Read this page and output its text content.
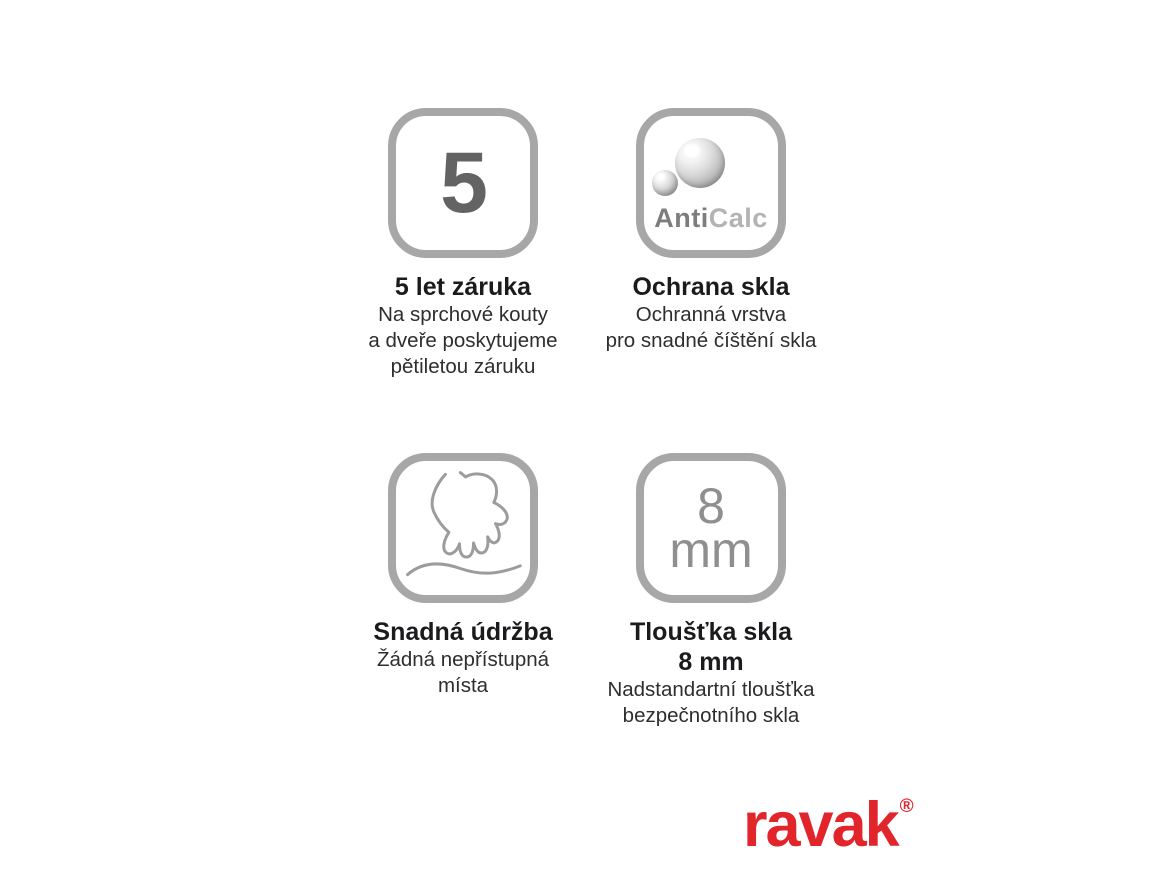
5
5 let záruka
Na sprchové kouty
a dveře poskytujeme
pětiletou záruku
AntiCalc
Ochrana skla
Ochranná vrstva
pro snadné číštění skla
Snadná údržba
Žádná nepřístupná
místa
8
mm
Tloušťka skla
8 mm
Nadstandartní tloušťka
bezpečnotního skla
ravak ®
